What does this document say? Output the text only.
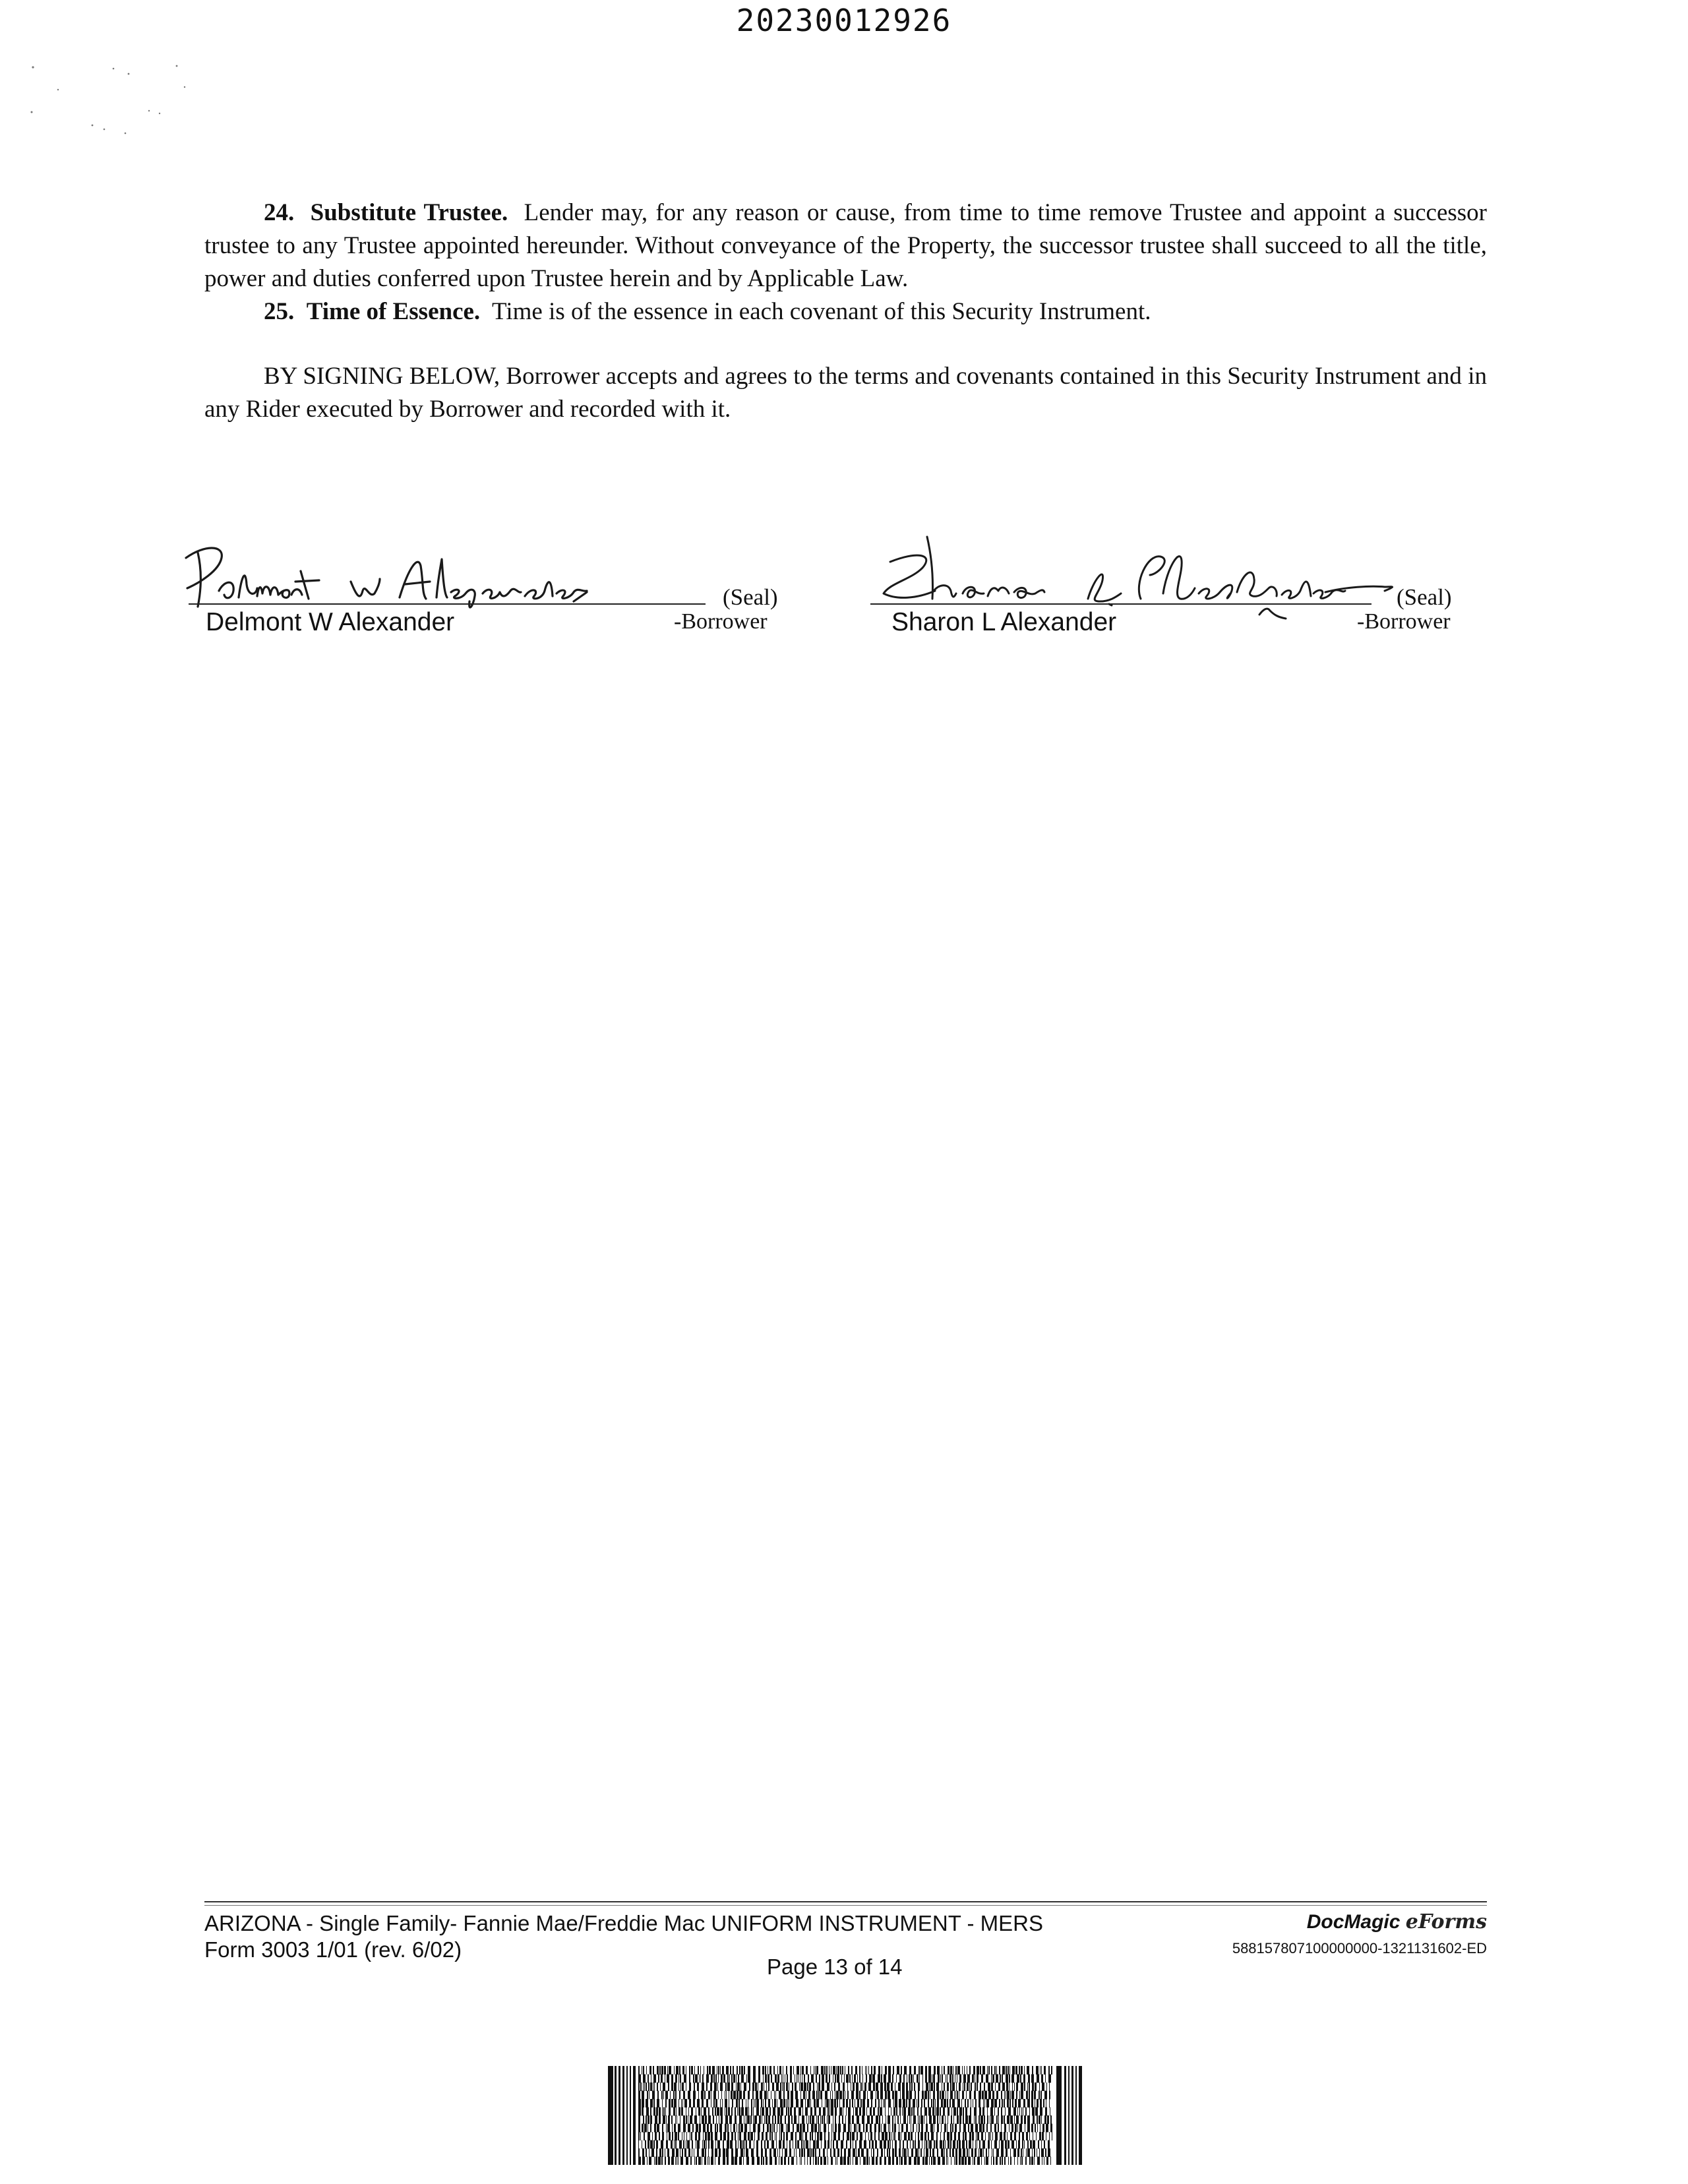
20230012926

24. Substitute Trustee. Lender may, for any reason or cause, from time to time remove Trustee and appoint a successor trustee to any Trustee appointed hereunder. Without conveyance of the Property, the successor trustee shall succeed to all the title, power and duties conferred upon Trustee herein and by Applicable Law.

25. Time of Essence. Time is of the essence in each covenant of this Security Instrument.

BY SIGNING BELOW, Borrower accepts and agrees to the terms and covenants contained in this Security Instrument and in any Rider executed by Borrower and recorded with it.

(Seal)
Delmont W Alexander	-Borrower
(Seal)
Sharon L Alexander	-Borrower
ARIZONA - Single Family- Fannie Mae/Freddie Mac UNIFORM INSTRUMENT - MERS
Form 3003 1/01 (rev. 6/02)
Page 13 of 14
DocMagic eForms
588157807100000000-1321131602-ED
